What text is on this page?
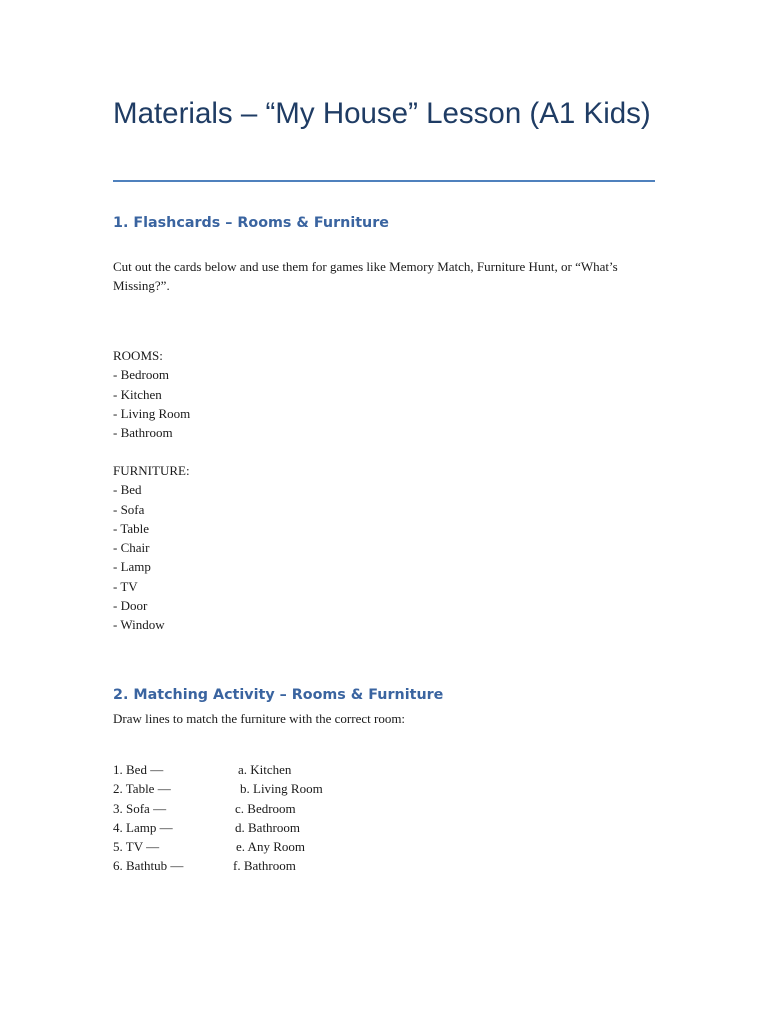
Materials – “My House” Lesson (A1 Kids)
1. Flashcards – Rooms & Furniture

Cut out the cards below and use them for games like Memory Match, Furniture Hunt, or “What’s Missing?”.

ROOMS:
- Bedroom
- Kitchen
- Living Room
- Bathroom
FURNITURE:
- Bed
- Sofa
- Table
- Chair
- Lamp
- TV
- Door
- Window
2. Matching Activity – Rooms & Furniture

Draw lines to match the furniture with the correct room:

1. Bed —	a. Kitchen
2. Table —	b. Living Room
3. Sofa —	c. Bedroom
4. Lamp —	d. Bathroom
5. TV —	e. Any Room
6. Bathtub —	f. Bathroom
